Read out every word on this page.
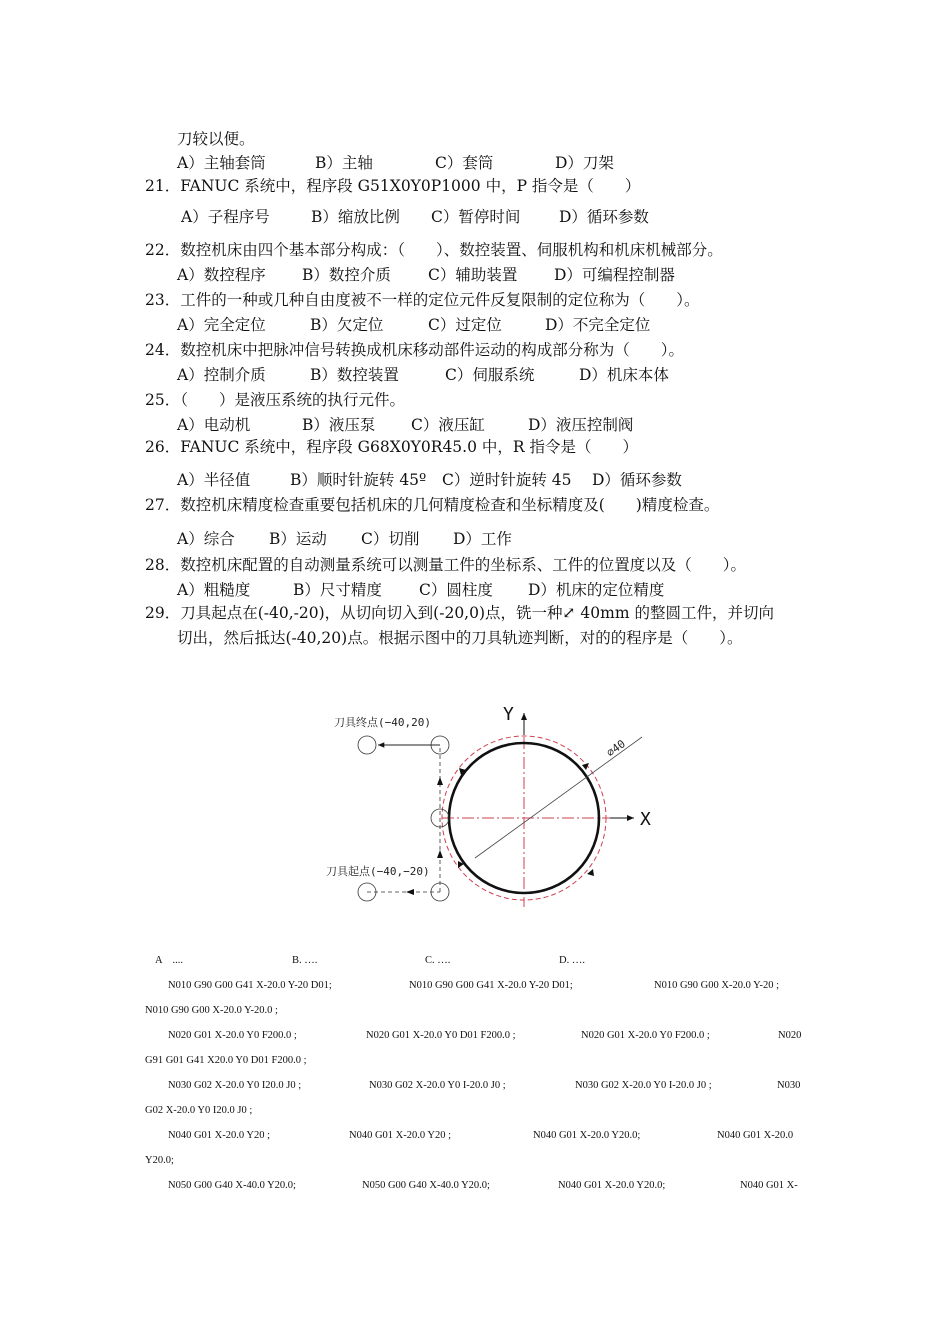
刀较以便。
A）主轴套筒	B）主轴	C）套筒	D）刀架
21．FANUC 系统中，程序段 G51X0Y0P1000 中，P 指令是（　　）
A）子程序号	B）缩放比例 C）暂停时间 D）循环参数
22．数控机床由四个基本部分构成：（　　）、数控装置、伺服机构和机床机械部分。
A）数控程序 B）数控介质 C）辅助装置 D）可编程控制器
23．工件的一种或几种自由度被不一样的定位元件反复限制的定位称为（　　）。
A）完全定位	B）欠定位	C）过定位	D）不完全定位
24．数控机床中把脉冲信号转换成机床移动部件运动的构成部分称为（　　）。
A）控制介质	B）数控装置	C）伺服系统	D）机床本体
25．（　　）是液压系统的执行元件。
A）电动机	B）液压泵 C）液压缸	D）液压控制阀
26．FANUC 系统中，程序段 G68X0Y0R45.0 中，R 指令是（　　）
A）半径值	B）顺时针旋转 45º C）逆时针旋转 45 D）循环参数
27．数控机床精度检查重要包括机床的几何精度检查和坐标精度及(　　)精度检查。
A）综合 B）运动 C）切削 D）工作
28．数控机床配置的自动测量系统可以测量工件的坐标系、工件的位置度以及（　　）。
A）粗糙度	B）尺寸精度 C）圆柱度 D）机床的定位精度
29．刀具起点在(-40,-20)，从切向切入到(-20,0)点，铣一种⤢ 40mm 的整圆工件，并切向
切出，然后抵达(-40,20)点。根据示图中的刀具轨迹判断，对的的程序是（　　）。
Y
X
∅40
刀具终点(−40,20)
刀具起点(−40,−20)
A　....	B. ….	C. ….	D. ….
N010 G90 G00 G41 X-20.0 Y-20 D01;	N010 G90 G00 G41 X-20.0 Y-20 D01;	N010 G90 G00 X-20.0 Y-20 ;
N010 G90 G00 X-20.0 Y-20.0 ;
N020 G01 X-20.0 Y0 F200.0 ;	N020 G01 X-20.0 Y0 D01 F200.0 ;	N020 G01 X-20.0 Y0 F200.0 ;	N020
G91 G01 G41 X20.0 Y0 D01 F200.0 ;
N030 G02 X-20.0 Y0 I20.0 J0 ;	N030 G02 X-20.0 Y0 I-20.0 J0 ;	N030 G02 X-20.0 Y0 I-20.0 J0 ;	N030
G02 X-20.0 Y0 I20.0 J0 ;
N040 G01 X-20.0 Y20 ;	N040 G01 X-20.0 Y20 ;	N040 G01 X-20.0 Y20.0;	N040 G01 X-20.0
Y20.0;
N050 G00 G40 X-40.0 Y20.0;	N050 G00 G40 X-40.0 Y20.0;	N040 G01 X-20.0 Y20.0;	N040 G01 X-
